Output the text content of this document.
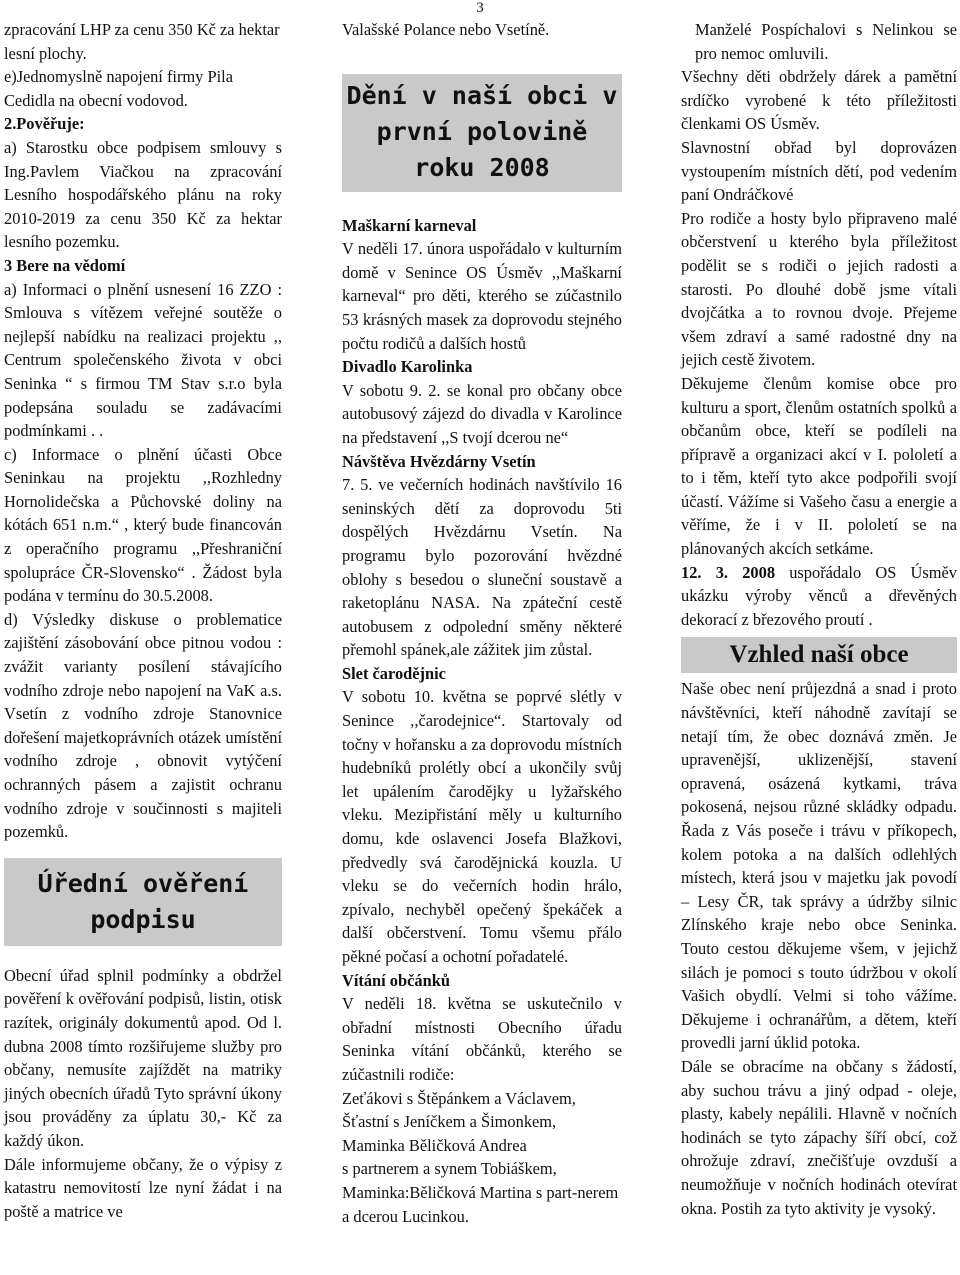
3

zpracování LHP za cenu 350 Kč za hektar lesní plochy.

e)Jednomyslně napojení firmy Pila Cedidla na obecní vodovod.

2.Pověřuje:

a) Starostku obce podpisem smlouvy s Ing.Pavlem Viačkou na zpracování Lesního hospodářského plánu na roky 2010-2019 za cenu 350 Kč za hektar lesního pozemku.

3 Bere na vědomí

a) Informaci o plnění usnesení 16 ZZO : Smlouva s vítězem veřejné soutěže o nejlepší nabídku na realizaci projektu ,, Centrum společenského života v obci Seninka “ s firmou TM Stav s.r.o byla podepsána souladu se zadávacími podmínkami . .

c) Informace o plnění účasti Obce Seninkau na projektu ,,Rozhledny Hornolidečska a Půchovské doliny na kótách 651 n.m.“ , který bude financován z operačního programu ,,Přeshraniční spolupráce ČR-Slovensko“ . Žádost byla podána v termínu do 30.5.2008.

d) Výsledky diskuse o problematice zajištění zásobování obce pitnou vodou : zvážit varianty posílení stávajícího vodního zdroje nebo napojení na VaK a.s. Vsetín z vodního zdroje Stanovnice dořešení majetkoprávních otázek umístění vodního zdroje , obnovit vytýčení ochranných pásem a zajistit ochranu vodního zdroje v součinnosti s majiteli pozemků.

Úřední ověření podpisu

Obecní úřad splnil podmínky a obdržel pověření k ověřování podpisů, listin, otisk razítek, originály dokumentů apod. Od l. dubna 2008 tímto rozšiřujeme služby pro občany, nemusíte zajíždět na matriky jiných obecních úřadů Tyto správní úkony jsou prováděny za úplatu 30,- Kč za každý úkon.

Dále informujeme občany, že o výpisy z katastru nemovitostí lze nyní žádat i na poště a matrice ve

Valašské Polance nebo Vsetíně.

Dění v naší obci v první polovině roku 2008

Maškarní karneval

V neděli 17. února uspořádalo v kulturním domě v Senince OS Úsměv ,,Maškarní karneval“ pro děti, kterého se zúčastnilo 53 krásných masek za doprovodu stejného počtu rodičů a dalších hostů

Divadlo Karolinka

V sobotu 9. 2. se konal pro občany obce autobusový zájezd do divadla v Karolince na představení ,,S tvojí dcerou ne“

Návštěva Hvězdárny Vsetín

7. 5. ve večerních hodinách navštívilo 16 seninských dětí za doprovodu 5ti dospělých Hvězdárnu Vsetín. Na programu bylo pozorování hvězdné oblohy s besedou o sluneční soustavě a raketoplánu NASA. Na zpáteční cestě autobusem z odpolední směny některé přemohl spánek,ale zážitek jim zůstal.

Slet čarodějnic

V sobotu 10. května se poprvé slétly v Senince ,,čarodejnice“. Startovaly od točny v hořansku a za doprovodu místních hudebníků prolétly obcí a ukončily svůj let upálením čarodějky u lyžařského vleku. Mezipřistání měly u kulturního domu, kde oslavenci Josefa Blažkovi, předvedly svá čarodějnická kouzla. U vleku se do večerních hodin hrálo, zpívalo, nechyběl opečený špekáček a další občerstvení. Tomu všemu přálo pěkné počasí a ochotní pořadatelé.

Vítání občánků

V neděli 18. května se uskutečnilo v obřadní místnosti Obecního úřadu Seninka vítání občánků, kterého se zúčastnili rodiče:

Zeťákovi s Štěpánkem a Václavem,

Šťastní s Jeníčkem a Šimonkem,

Maminka Běličková Andrea

s partnerem a synem Tobiáškem,

Maminka:Běličková Martina s part-nerem a dcerou Lucinkou.

Manželé Pospíchalovi s Nelinkou se pro nemoc omluvili.

Všechny děti obdržely dárek a pamětní srdíčko vyrobené k této příležitosti členkami OS Úsměv.

Slavnostní obřad byl doprovázen vystoupením místních dětí, pod vedením paní Ondráčkové

Pro rodiče a hosty bylo připraveno malé občerstvení u kterého byla příležitost podělit se s rodiči o jejich radosti a starosti. Po dlouhé době jsme vítali dvojčátka a to rovnou dvoje. Přejeme všem zdraví a samé radostné dny na jejich cestě životem.

Děkujeme členům komise obce pro kulturu a sport, členům ostatních spolků a občanům obce, kteří se podíleli na přípravě a organizaci akcí v I. pololetí a to i těm, kteří tyto akce podpořili svojí účastí. Vážíme si Vašeho času a energie a věříme, že i v II. pololetí se na plánovaných akcích setkáme.

12. 3. 2008 uspořádalo OS Úsměv ukázku výroby věnců a dřevěných dekorací z březového proutí .

Vzhled naší obce

Naše obec není průjezdná a snad i proto návštěvníci, kteří náhodně zavítají se netají tím, že obec doznává změn. Je upravenější, uklizenější, stavení opravená, osázená kytkami, tráva pokosená, nejsou různé skládky odpadu. Řada z Vás poseče i trávu v příkopech, kolem potoka a na dalších odlehlých místech, která jsou v majetku jak povodí – Lesy ČR, tak správy a údržby silnic Zlínského kraje nebo obce Seninka. Touto cestou děkujeme všem, v jejichž silách je pomoci s touto údržbou v okolí Vašich obydlí. Velmi si toho vážíme. Děkujeme i ochranářům, a dětem, kteří provedli jarní úklid potoka.

Dále se obracíme na občany s žádostí, aby suchou trávu a jiný odpad - oleje, plasty, kabely nepálili. Hlavně v nočních hodinách se tyto zápachy šíří obcí, což ohrožuje zdraví, znečišťuje ovzduší a neumožňuje v nočních hodinách otevírat okna. Postih za tyto aktivity je vysoký.
